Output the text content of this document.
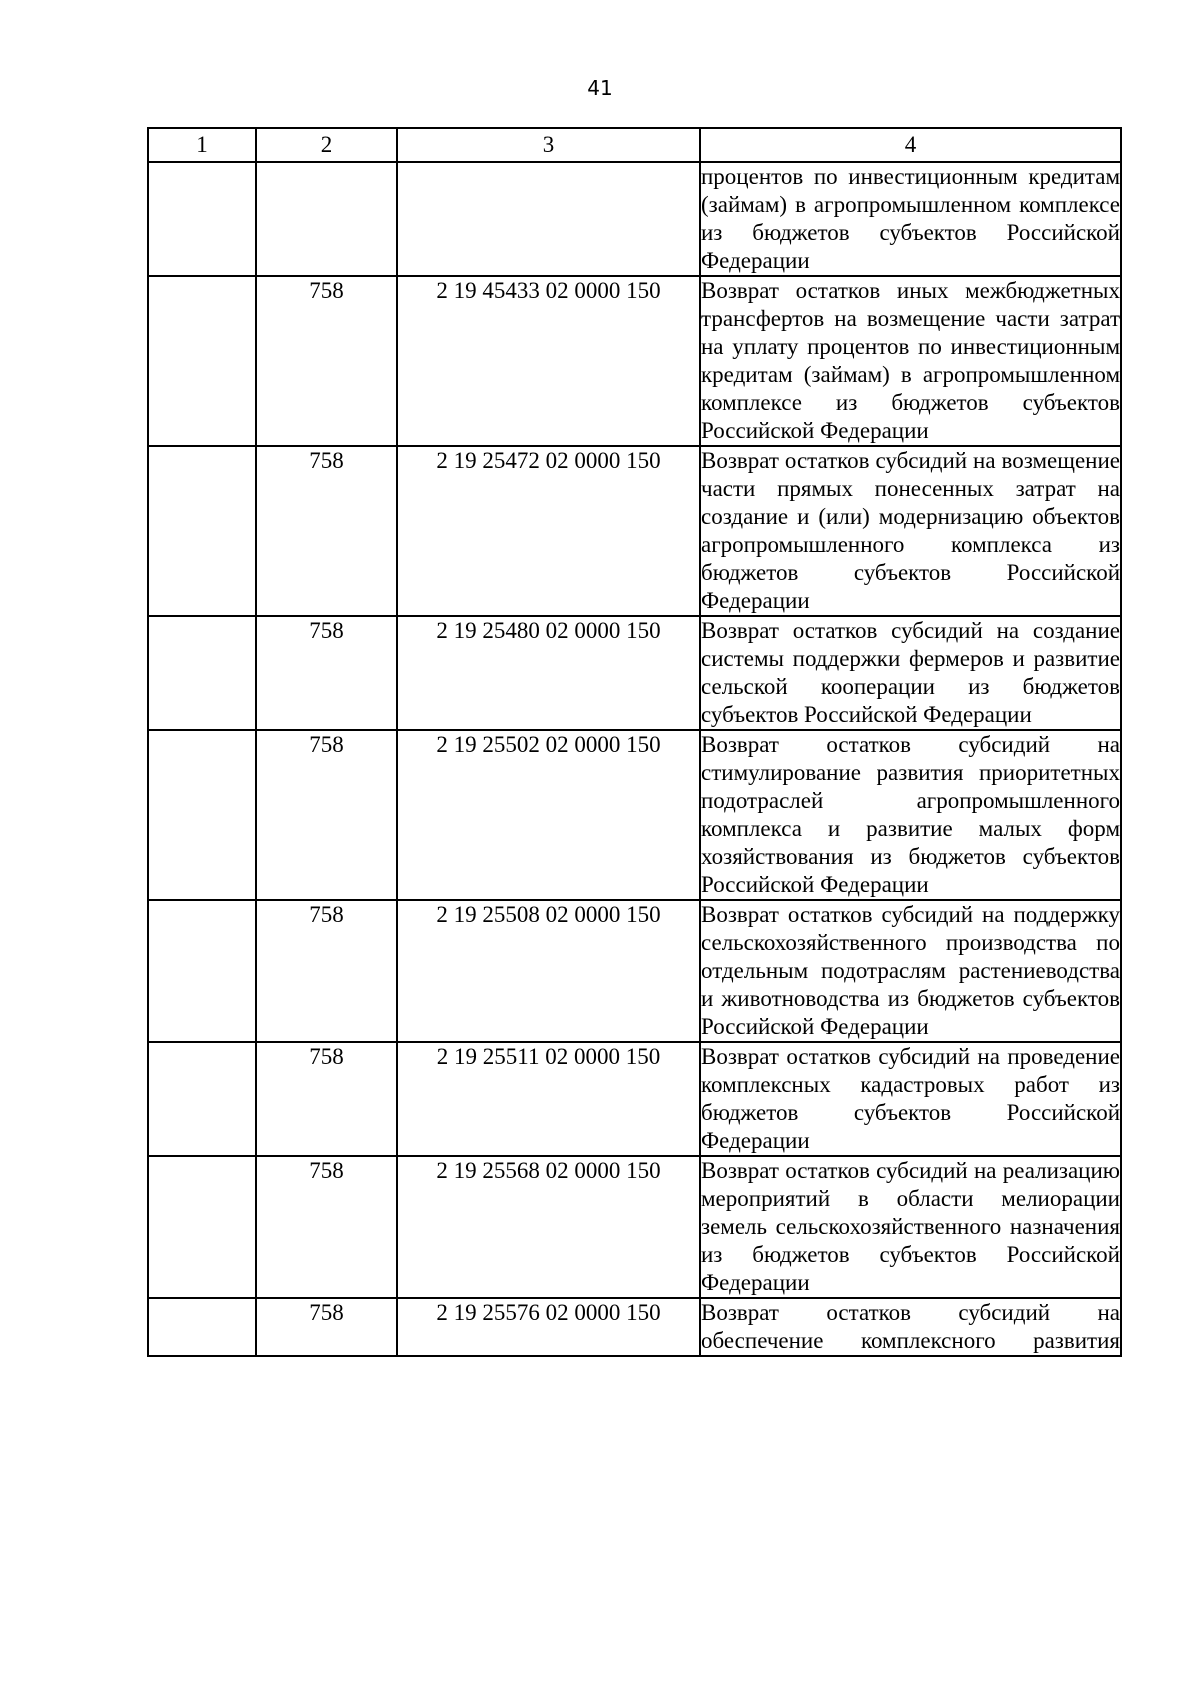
41
1	2	3	4
			процентов по инвестиционным кредитам (займам) в агропромышленном комплексе из бюджетов субъектов Российской Федерации
	758	2 19 45433 02 0000 150	Возврат остатков иных межбюджетных трансфертов на возмещение части затрат на уплату процентов по инвестиционным кредитам (займам) в агропромышленном комплексе из бюджетов субъектов Российской Федерации
	758	2 19 25472 02 0000 150	Возврат остатков субсидий на возмещение части прямых понесенных затрат на создание и (или) модернизацию объектов агропромышленного комплекса из бюджетов субъектов Российской Федерации
	758	2 19 25480 02 0000 150	Возврат остатков субсидий на создание системы поддержки фермеров и развитие сельской кооперации из бюджетов субъектов Российской Федерации
	758	2 19 25502 02 0000 150	Возврат остатков субсидий на стимулирование развития приоритетных подотраслей агропромышленного комплекса и развитие малых форм хозяйствования из бюджетов субъектов Российской Федерации
	758	2 19 25508 02 0000 150	Возврат остатков субсидий на поддержку сельскохозяйственного производства по отдельным подотраслям растениеводства и животноводства из бюджетов субъектов Российской Федерации
	758	2 19 25511 02 0000 150	Возврат остатков субсидий на проведение комплексных кадастровых работ из бюджетов субъектов Российской Федерации
	758	2 19 25568 02 0000 150	Возврат остатков субсидий на реализацию мероприятий в области мелиорации земель сельскохозяйственного назначения из бюджетов субъектов Российской Федерации
	758	2 19 25576 02 0000 150	Возврат остатков субсидий на обеспечение комплексного развития
